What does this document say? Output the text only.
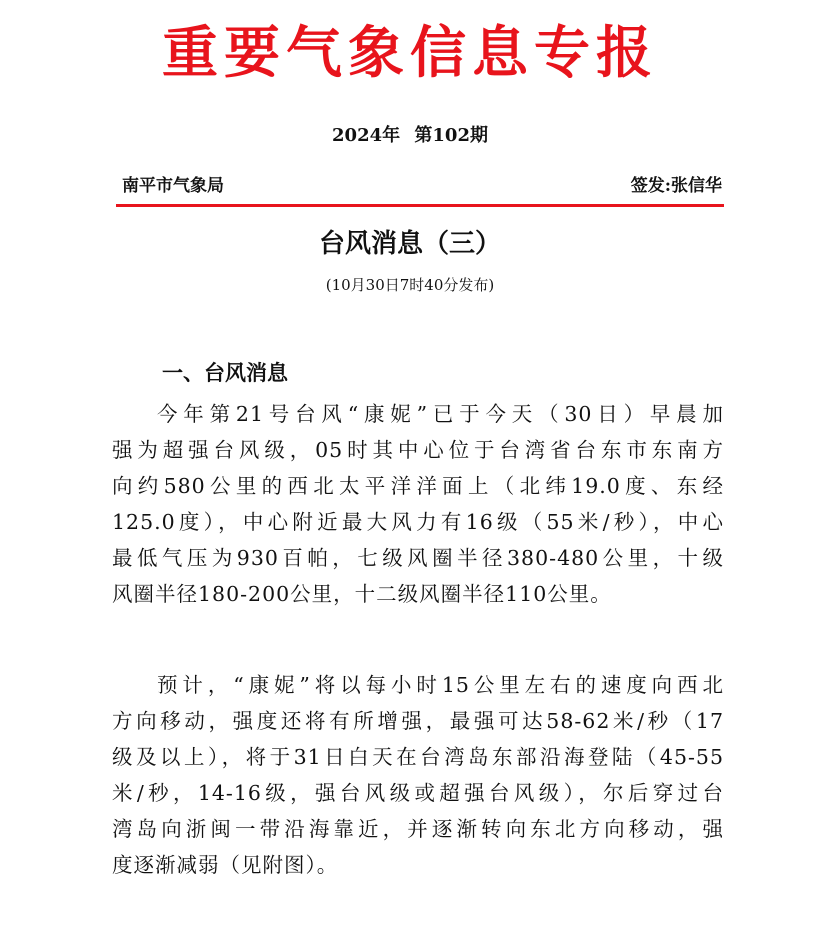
重要气象信息专报
2024年 第102期
南平市气象局	签发:张信华
台风消息（三）
(10月30日7时40分发布)
一、台风消息
今年第21号台风“康妮”已于今天（30日）早晨加
强为超强台风级，05时其中心位于台湾省台东市东南方
向约580公里的西北太平洋洋面上（北纬19.0度、东经
125.0度），中心附近最大风力有16级（55米/秒），中心
最低气压为930百帕，七级风圈半径380-480公里，十级
风圈半径180-200公里，十二级风圈半径110公里。
预计，“康妮”将以每小时15公里左右的速度向西北
方向移动，强度还将有所增强，最强可达58-62米/秒（17
级及以上），将于31日白天在台湾岛东部沿海登陆（45-55
米/秒，14-16级，强台风级或超强台风级），尔后穿过台
湾岛向浙闽一带沿海靠近，并逐渐转向东北方向移动，强
度逐渐减弱（见附图）。
